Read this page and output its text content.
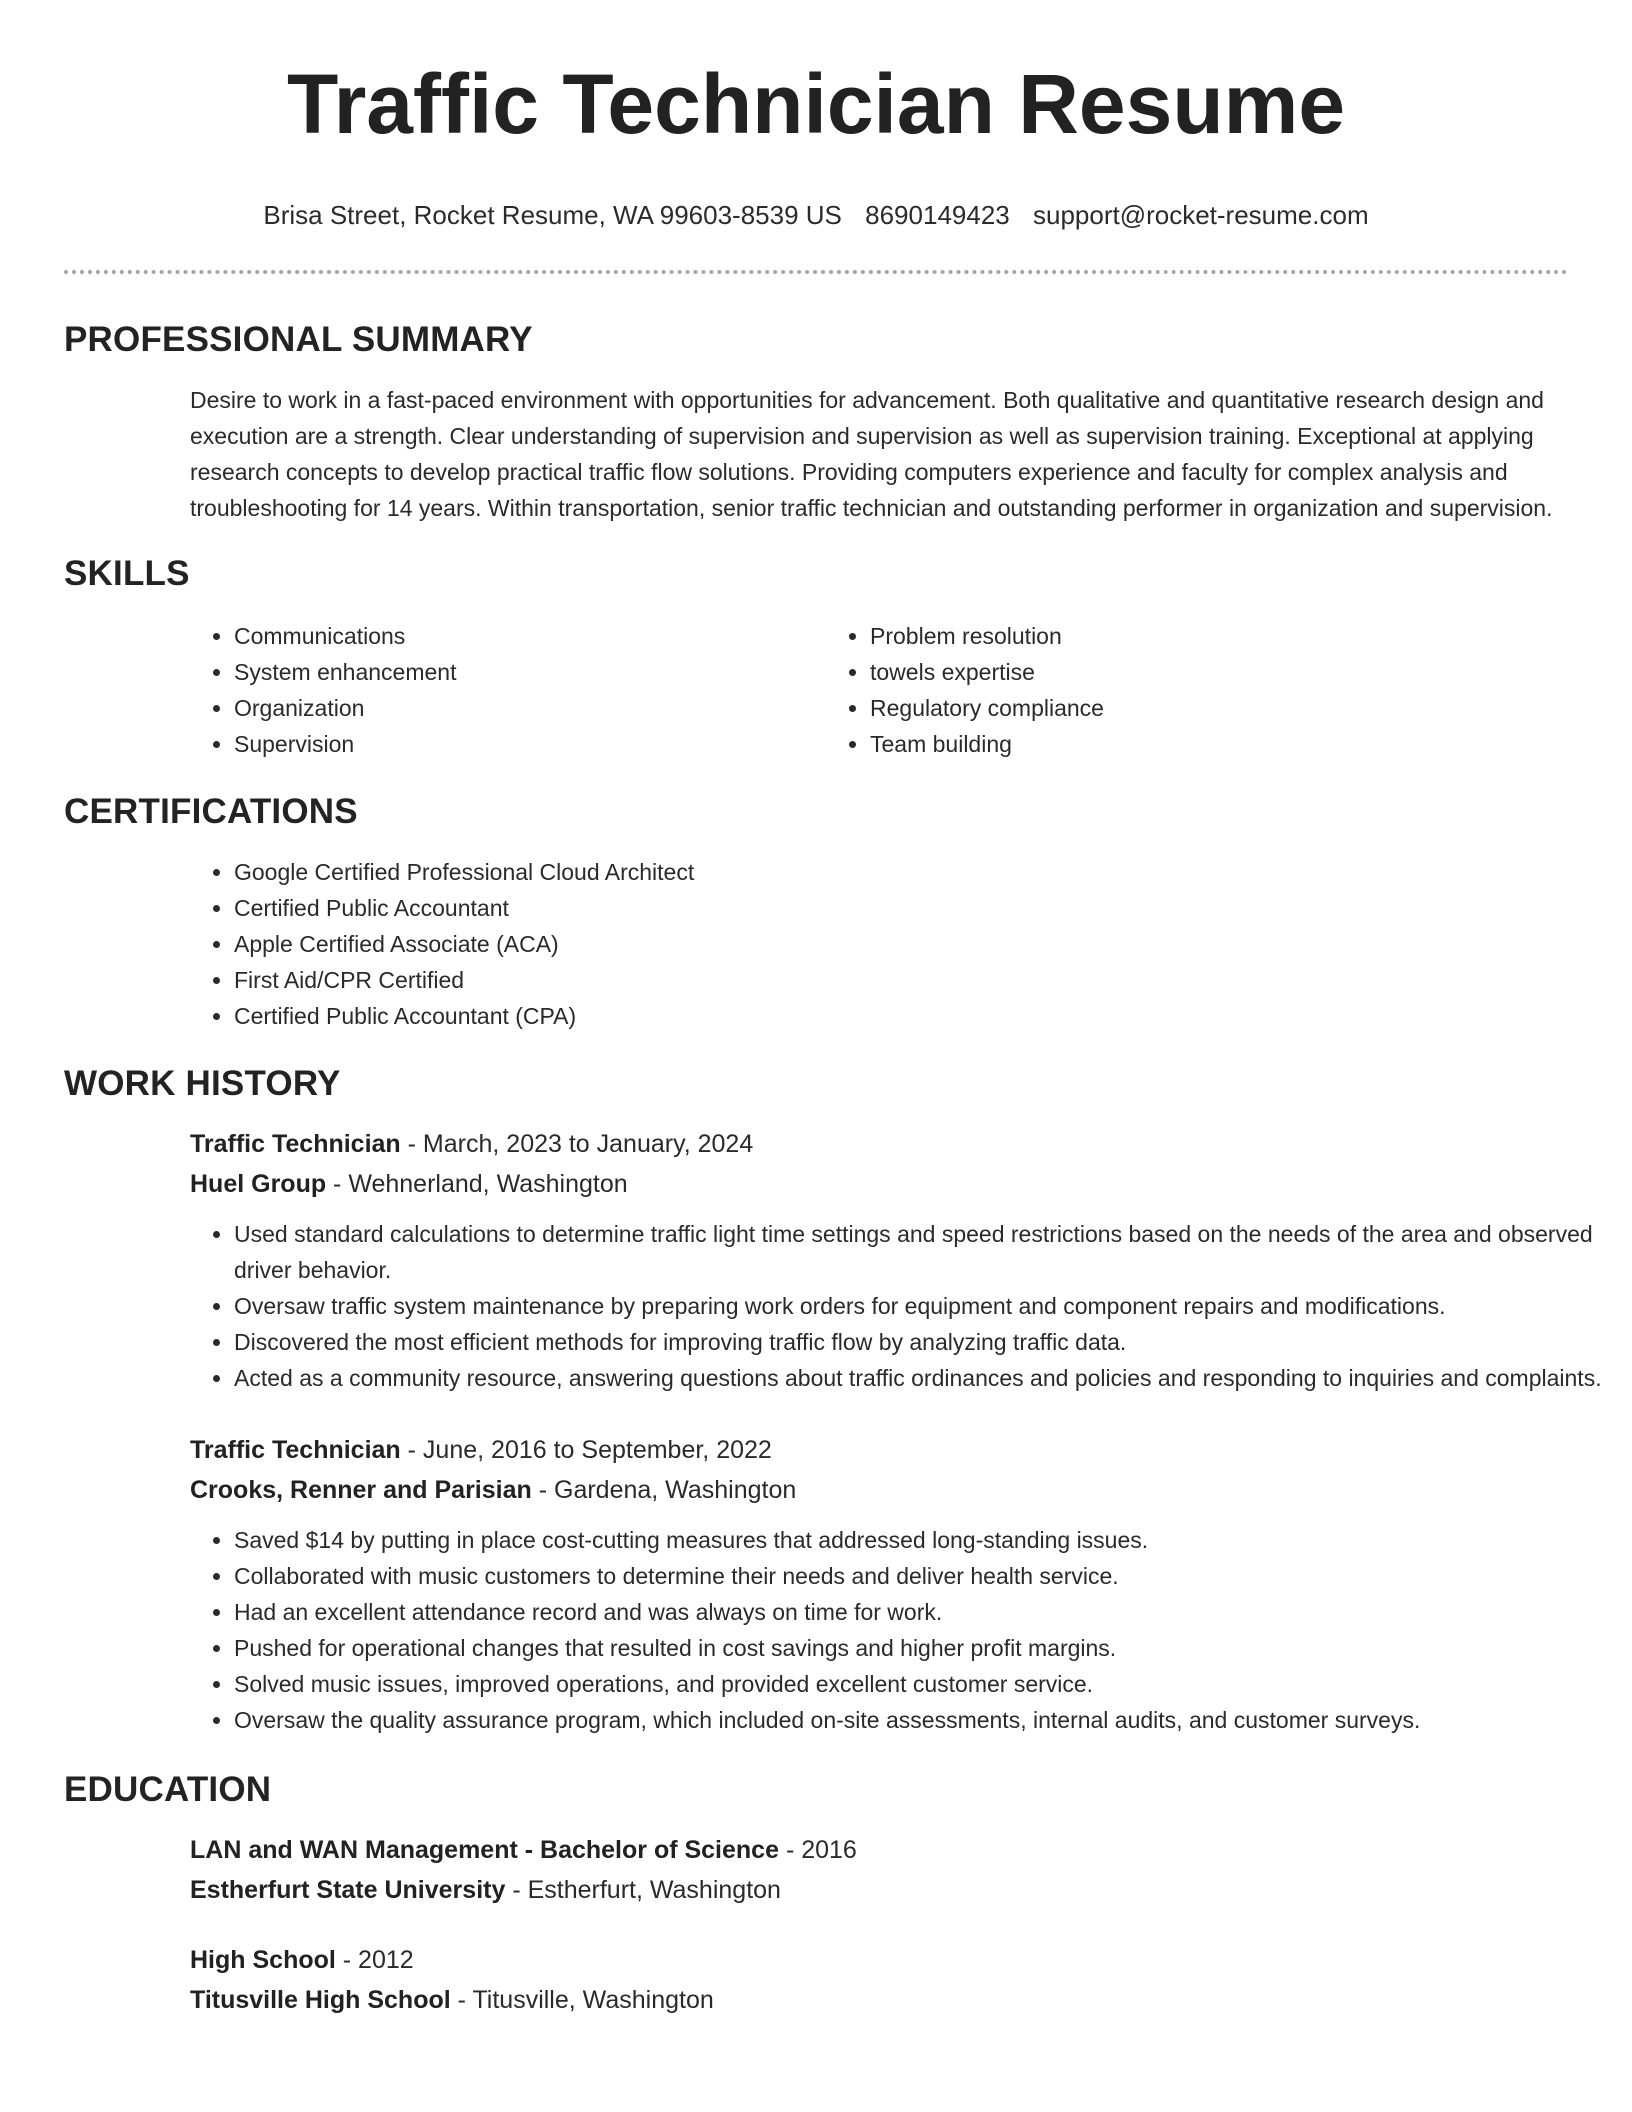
Traffic Technician Resume
Brisa Street, Rocket Resume, WA 99603-8539 US 8690149423 support@rocket-resume.com
PROFESSIONAL SUMMARY

Desire to work in a fast-paced environment with opportunities for advancement. Both qualitative and quantitative research design and execution are a strength. Clear understanding of supervision and supervision as well as supervision training. Exceptional at applying research concepts to develop practical traffic flow solutions. Providing computers experience and faculty for complex analysis and troubleshooting for 14 years. Within transportation, senior traffic technician and outstanding performer in organization and supervision.

SKILLS
• Communications
• System enhancement
• Organization
• Supervision
• Problem resolution
• towels expertise
• Regulatory compliance
• Team building
CERTIFICATIONS
• Google Certified Professional Cloud Architect
• Certified Public Accountant
• Apple Certified Associate (ACA)
• First Aid/CPR Certified
• Certified Public Accountant (CPA)
WORK HISTORY
Traffic Technician - March, 2023 to January, 2024
Huel Group - Wehnerland, Washington
• Used standard calculations to determine traffic light time settings and speed restrictions based on the needs of the area and observed driver behavior.
• Oversaw traffic system maintenance by preparing work orders for equipment and component repairs and modifications.
• Discovered the most efficient methods for improving traffic flow by analyzing traffic data.
• Acted as a community resource, answering questions about traffic ordinances and policies and responding to inquiries and complaints.
Traffic Technician - June, 2016 to September, 2022
Crooks, Renner and Parisian - Gardena, Washington
• Saved $14 by putting in place cost-cutting measures that addressed long-standing issues.
• Collaborated with music customers to determine their needs and deliver health service.
• Had an excellent attendance record and was always on time for work.
• Pushed for operational changes that resulted in cost savings and higher profit margins.
• Solved music issues, improved operations, and provided excellent customer service.
• Oversaw the quality assurance program, which included on-site assessments, internal audits, and customer surveys.
EDUCATION
LAN and WAN Management - Bachelor of Science - 2016
Estherfurt State University - Estherfurt, Washington
High School - 2012
Titusville High School - Titusville, Washington
